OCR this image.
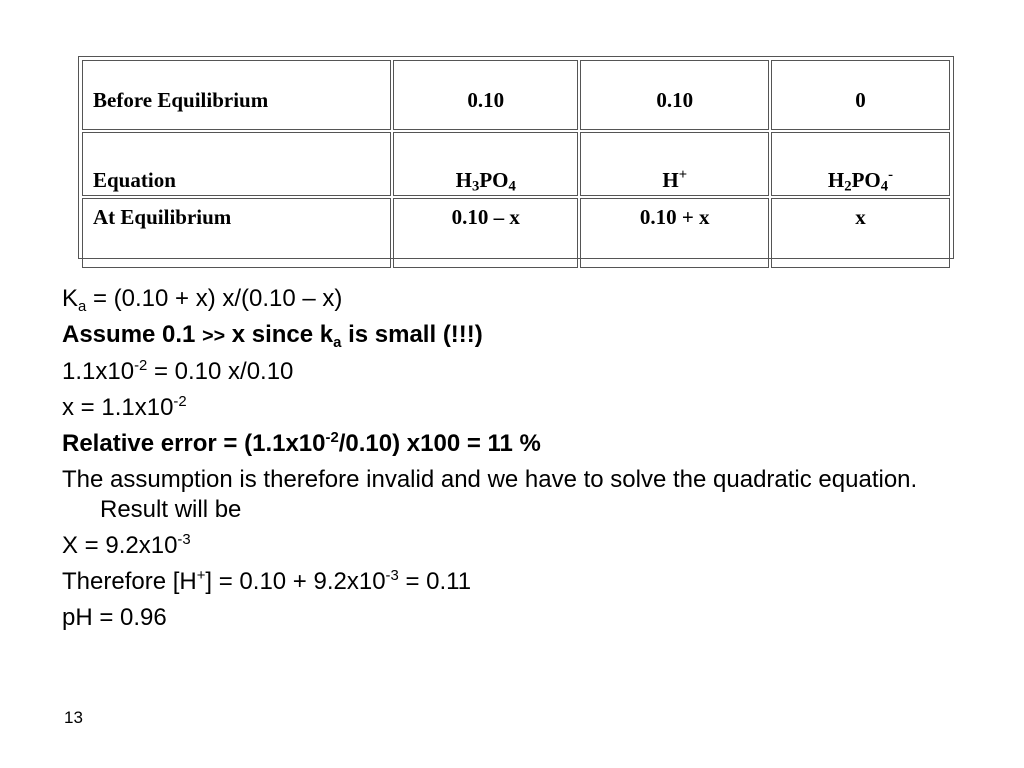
Before Equilibrium	0.10	0.10	0
Equation	$H_3PO_4$	H+	$H_2PO_4^-$
At Equilibrium	0.10 – x	0.10 + x	x
$K_a = (0.10 + x)$ x/(0.10 – x)
Assume 0.1 >> x since $k_a$ is small (!!!)
$1.1x10^{-2} = 0.10$ x/0.10
$x = 1.1x10^{-2}$
Relative error = $(1.1x10^{-2}/0.10) x100 = 11$ %
The assumption is therefore invalid and we have to solve the quadratic equation. Result will be
$X = 9.2x10^{-3}$
Therefore $[H^+] = 0.10 + 9.2x10^{-3} = 0.11$
pH = 0.96
13
